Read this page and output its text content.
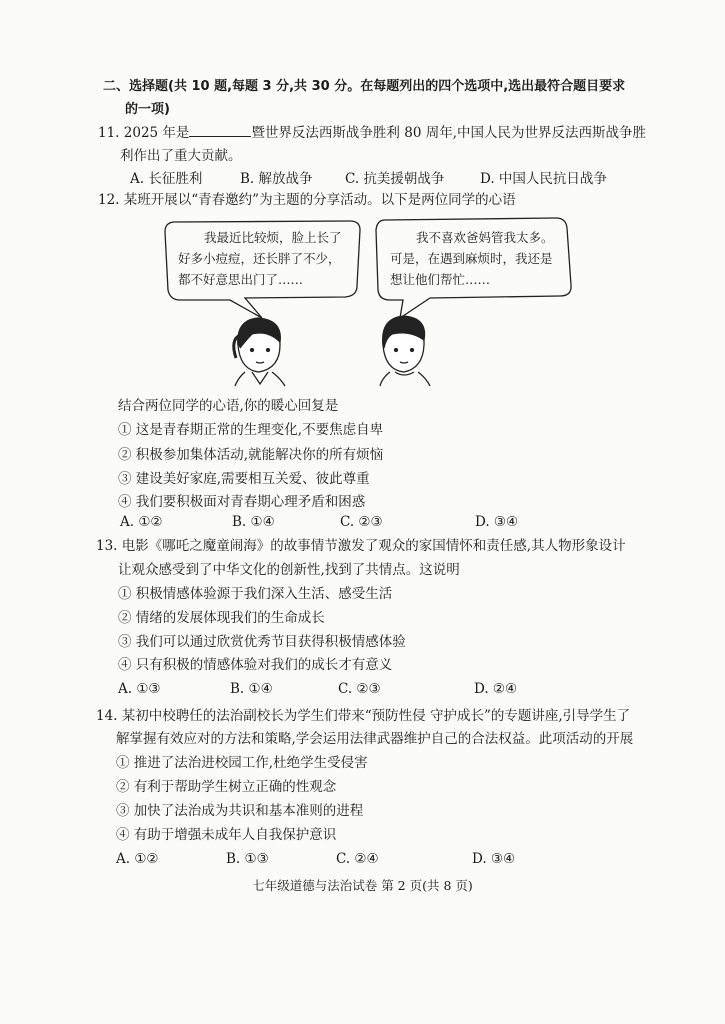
二、选择题(共 10 题,每题 3 分,共 30 分。在每题列出的四个选项中,选出最符合题目要求
的一项)
11. 2025 年是	暨世界反法西斯战争胜利 80 周年,中国人民为世界反法西斯战争胜
利作出了重大贡献。
A. 长征胜利	B. 解放战争 C. 抗美援朝战争	D. 中国人民抗日战争
12. 某班开展以“青春邀约”为主题的分享活动。以下是两位同学的心语
我最近比较烦，脸上长了
好多小痘痘，还长胖了不少，
都不好意思出门了……
我不喜欢爸妈管我太多。
可是，在遇到麻烦时，我还是
想让他们帮忙……
结合两位同学的心语,你的暖心回复是
① 这是青春期正常的生理变化,不要焦虑自卑
② 积极参加集体活动,就能解决你的所有烦恼
③ 建设美好家庭,需要相互关爱、彼此尊重
④ 我们要积极面对青春期心理矛盾和困惑
A. ①②	B. ①④	C. ②③	D. ③④
13. 电影《哪吒之魔童闹海》的故事情节激发了观众的家国情怀和责任感,其人物形象设计
让观众感受到了中华文化的创新性,找到了共情点。这说明
① 积极情感体验源于我们深入生活、感受生活
② 情绪的发展体现我们的生命成长
③ 我们可以通过欣赏优秀节目获得积极情感体验
④ 只有积极的情感体验对我们的成长才有意义
A. ①③	B. ①④	C. ②③	D. ②④
14. 某初中校聘任的法治副校长为学生们带来“预防性侵 守护成长”的专题讲座,引导学生了
解掌握有效应对的方法和策略,学会运用法律武器维护自己的合法权益。此项活动的开展
① 推进了法治进校园工作,杜绝学生受侵害
② 有利于帮助学生树立正确的性观念
③ 加快了法治成为共识和基本准则的进程
④ 有助于增强未成年人自我保护意识
A. ①②	B. ①③	C. ②④	D. ③④
七年级道德与法治试卷 第 2 页(共 8 页)
